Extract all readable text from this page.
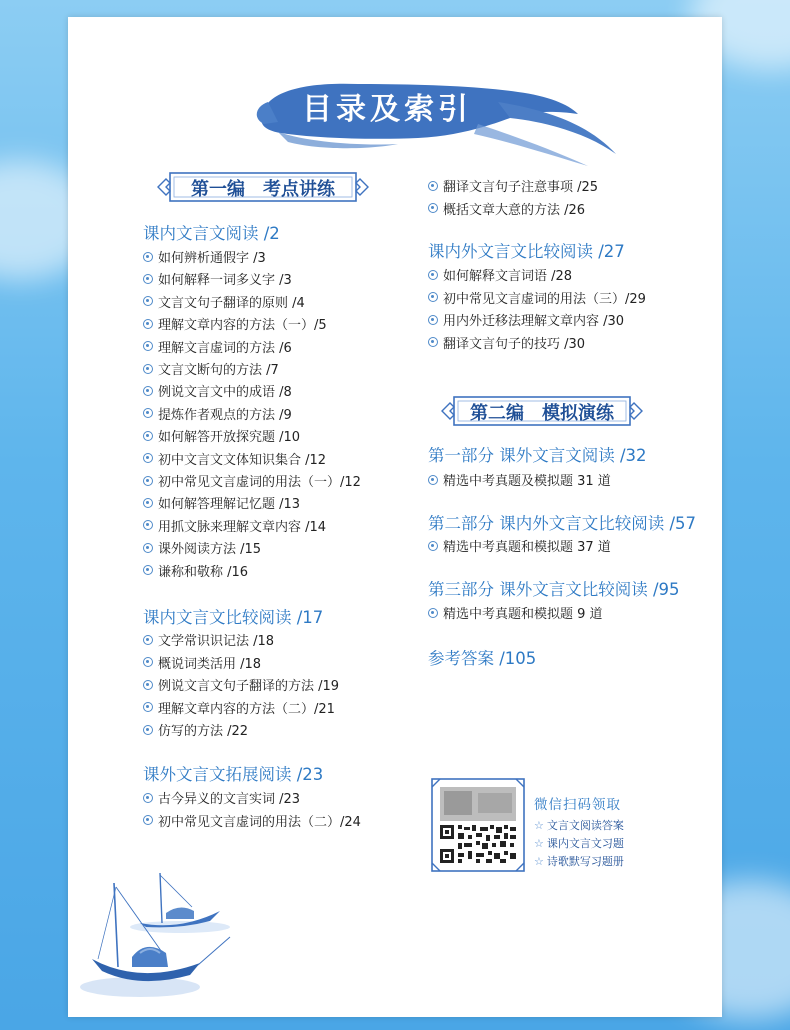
目录及索引
第一编　考点讲练
课内文言文阅读 /2
如何辨析通假字 /3
如何解释一词多义字 /3
文言文句子翻译的原则 /4
理解文章内容的方法（一）/5
理解文言虚词的方法 /6
文言文断句的方法 /7
例说文言文中的成语 /8
提炼作者观点的方法 /9
如何解答开放探究题 /10
初中文言文文体知识集合 /12
初中常见文言虚词的用法（一）/12
如何解答理解记忆题 /13
用抓文脉来理解文章内容 /14
课外阅读方法 /15
谦称和敬称 /16
课内文言文比较阅读 /17
文学常识识记法 /18
概说词类活用 /18
例说文言文句子翻译的方法 /19
理解文章内容的方法（二）/21
仿写的方法 /22
课外文言文拓展阅读 /23
古今异义的文言实词 /23
初中常见文言虚词的用法（二）/24
翻译文言句子注意事项 /25
概括文章大意的方法 /26
课内外文言文比较阅读 /27
如何解释文言词语 /28
初中常见文言虚词的用法（三）/29
用内外迁移法理解文章内容 /30
翻译文言句子的技巧 /30
第二编　模拟演练
第一部分 课外文言文阅读 /32
精选中考真题及模拟题 31 道
第二部分 课内外文言文比较阅读 /57
精选中考真题和模拟题 37 道
第三部分 课外文言文比较阅读 /95
精选中考真题和模拟题 9 道
参考答案 /105
微信扫码领取
☆ 文言文阅读答案
☆ 课内文言文习题
☆ 诗歌默写习题册
